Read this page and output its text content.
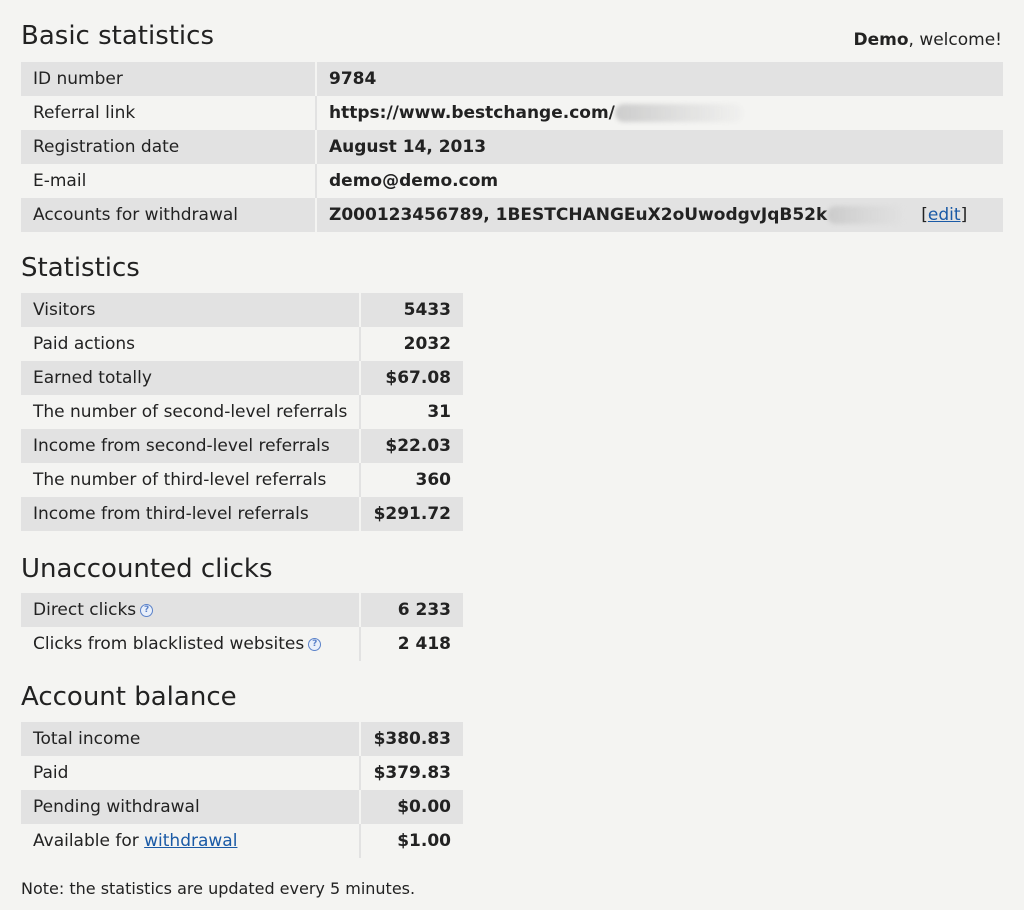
Basic statistics	Demo, welcome!
ID number	9784
Referral link	https://www.bestchange.com/
Registration date	August 14, 2013
E-mail	demo@demo.com
Accounts for withdrawal	Z000123456789, 1BESTCHANGEuX2oUwodgvJqB52k [edit]
Statistics
Visitors	5433
Paid actions	2032
Earned totally	$67.08
The number of second-level referrals	31
Income from second-level referrals	$22.03
The number of third-level referrals	360
Income from third-level referrals	$291.72
Unaccounted clicks
Direct clicks ?	6 233
Clicks from blacklisted websites ?	2 418
Account balance
Total income	$380.83
Paid	$379.83
Pending withdrawal	$0.00
Available for withdrawal	$1.00
Note: the statistics are updated every 5 minutes.
